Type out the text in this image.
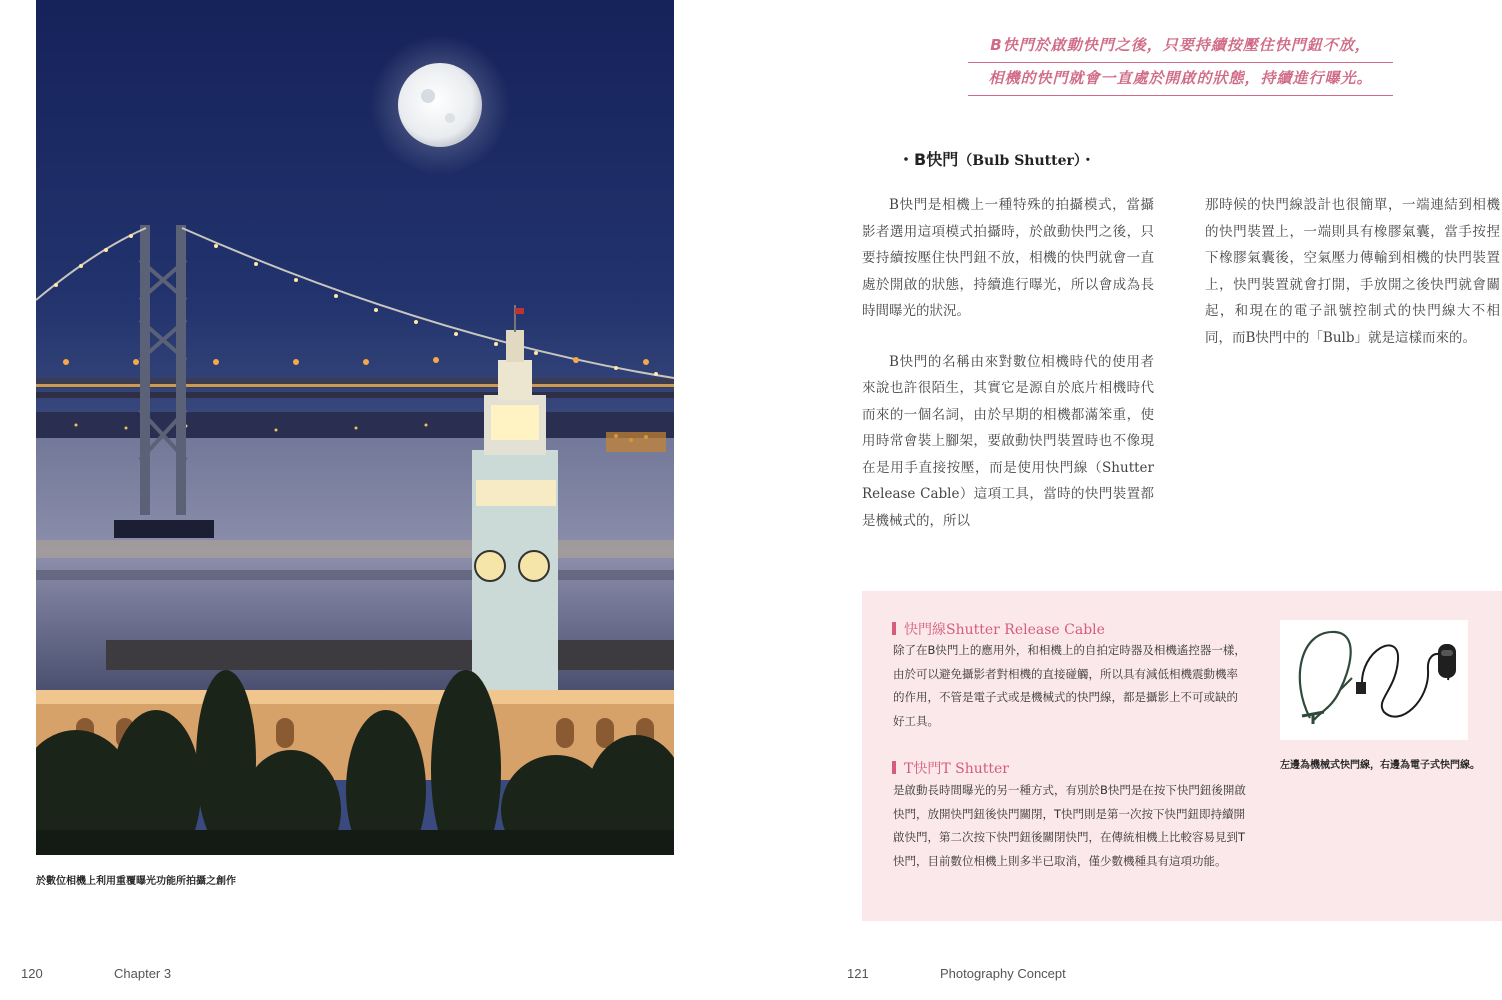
於數位相機上利用重覆曝光功能所拍攝之創作
120	Chapter 3
B快門於啟動快門之後，只要持續按壓住快門鈕不放，
相機的快門就會一直處於開啟的狀態，持續進行曝光。
・B快門（Bulb Shutter）・

B快門是相機上一種特殊的拍攝模式，當攝影者選用這項模式拍攝時，於啟動快門之後，只要持續按壓住快門鈕不放，相機的快門就會一直處於開啟的狀態，持續進行曝光，所以會成為長時間曝光的狀況。

B快門的名稱由來對數位相機時代的使用者來說也許很陌生，其實它是源自於底片相機時代而來的一個名詞，由於早期的相機都滿笨重，使用時常會裝上腳架，要啟動快門裝置時也不像現在是用手直接按壓，而是使用快門線（Shutter Release Cable）這項工具，當時的快門裝置都是機械式的，所以

那時候的快門線設計也很簡單，一端連結到相機的快門裝置上，一端則具有橡膠氣囊，當手按捏下橡膠氣囊後，空氣壓力傳輸到相機的快門裝置上，快門裝置就會打開，手放開之後快門就會關起，和現在的電子訊號控制式的快門線大不相同，而B快門中的「Bulb」就是這樣而來的。

快門線Shutter Release Cable
除了在B快門上的應用外，和相機上的自拍定時器及相機遙控器一樣，由於可以避免攝影者對相機的直接碰觸，所以具有減低相機震動機率的作用，不管是電子式或是機械式的快門線，都是攝影上不可或缺的好工具。
T快門T Shutter
是啟動長時間曝光的另一種方式，有別於B快門是在按下快門鈕後開啟快門，放開快門鈕後快門關閉，T快門則是第一次按下快門鈕即持續開啟快門，第二次按下快門鈕後關閉快門，在傳統相機上比較容易見到T快門，目前數位相機上則多半已取消，僅少數機種具有這項功能。
左邊為機械式快門線，右邊為電子式快門線。
121	Photography Concept
